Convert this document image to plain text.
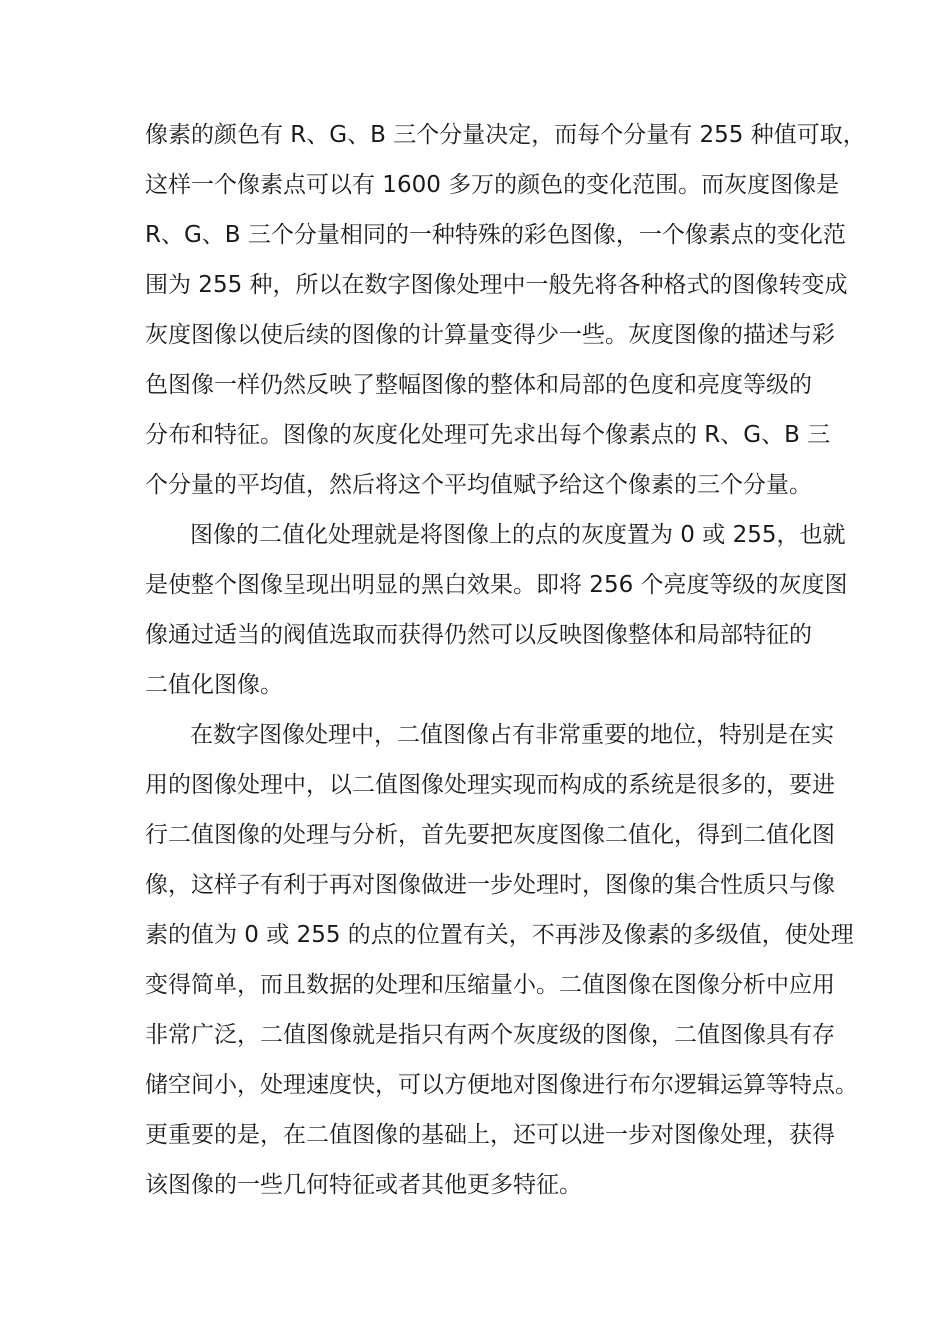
像素的颜色有 R、G、B 三个分量决定，而每个分量有 255 种值可取，
这样一个像素点可以有 1600 多万的颜色的变化范围。而灰度图像是
R、G、B 三个分量相同的一种特殊的彩色图像，一个像素点的变化范
围为 255 种，所以在数字图像处理中一般先将各种格式的图像转变成
灰度图像以使后续的图像的计算量变得少一些。灰度图像的描述与彩
色图像一样仍然反映了整幅图像的整体和局部的色度和亮度等级的
分布和特征。图像的灰度化处理可先求出每个像素点的 R、G、B 三
个分量的平均值，然后将这个平均值赋予给这个像素的三个分量。
图像的二值化处理就是将图像上的点的灰度置为 0 或 255，也就
是使整个图像呈现出明显的黑白效果。即将 256 个亮度等级的灰度图
像通过适当的阀值选取而获得仍然可以反映图像整体和局部特征的
二值化图像。
在数字图像处理中，二值图像占有非常重要的地位，特别是在实
用的图像处理中，以二值图像处理实现而构成的系统是很多的，要进
行二值图像的处理与分析，首先要把灰度图像二值化，得到二值化图
像，这样子有利于再对图像做进一步处理时，图像的集合性质只与像
素的值为 0 或 255 的点的位置有关，不再涉及像素的多级值，使处理
变得简单，而且数据的处理和压缩量小。二值图像在图像分析中应用
非常广泛，二值图像就是指只有两个灰度级的图像，二值图像具有存
储空间小，处理速度快，可以方便地对图像进行布尔逻辑运算等特点。
更重要的是，在二值图像的基础上，还可以进一步对图像处理，获得
该图像的一些几何特征或者其他更多特征。
